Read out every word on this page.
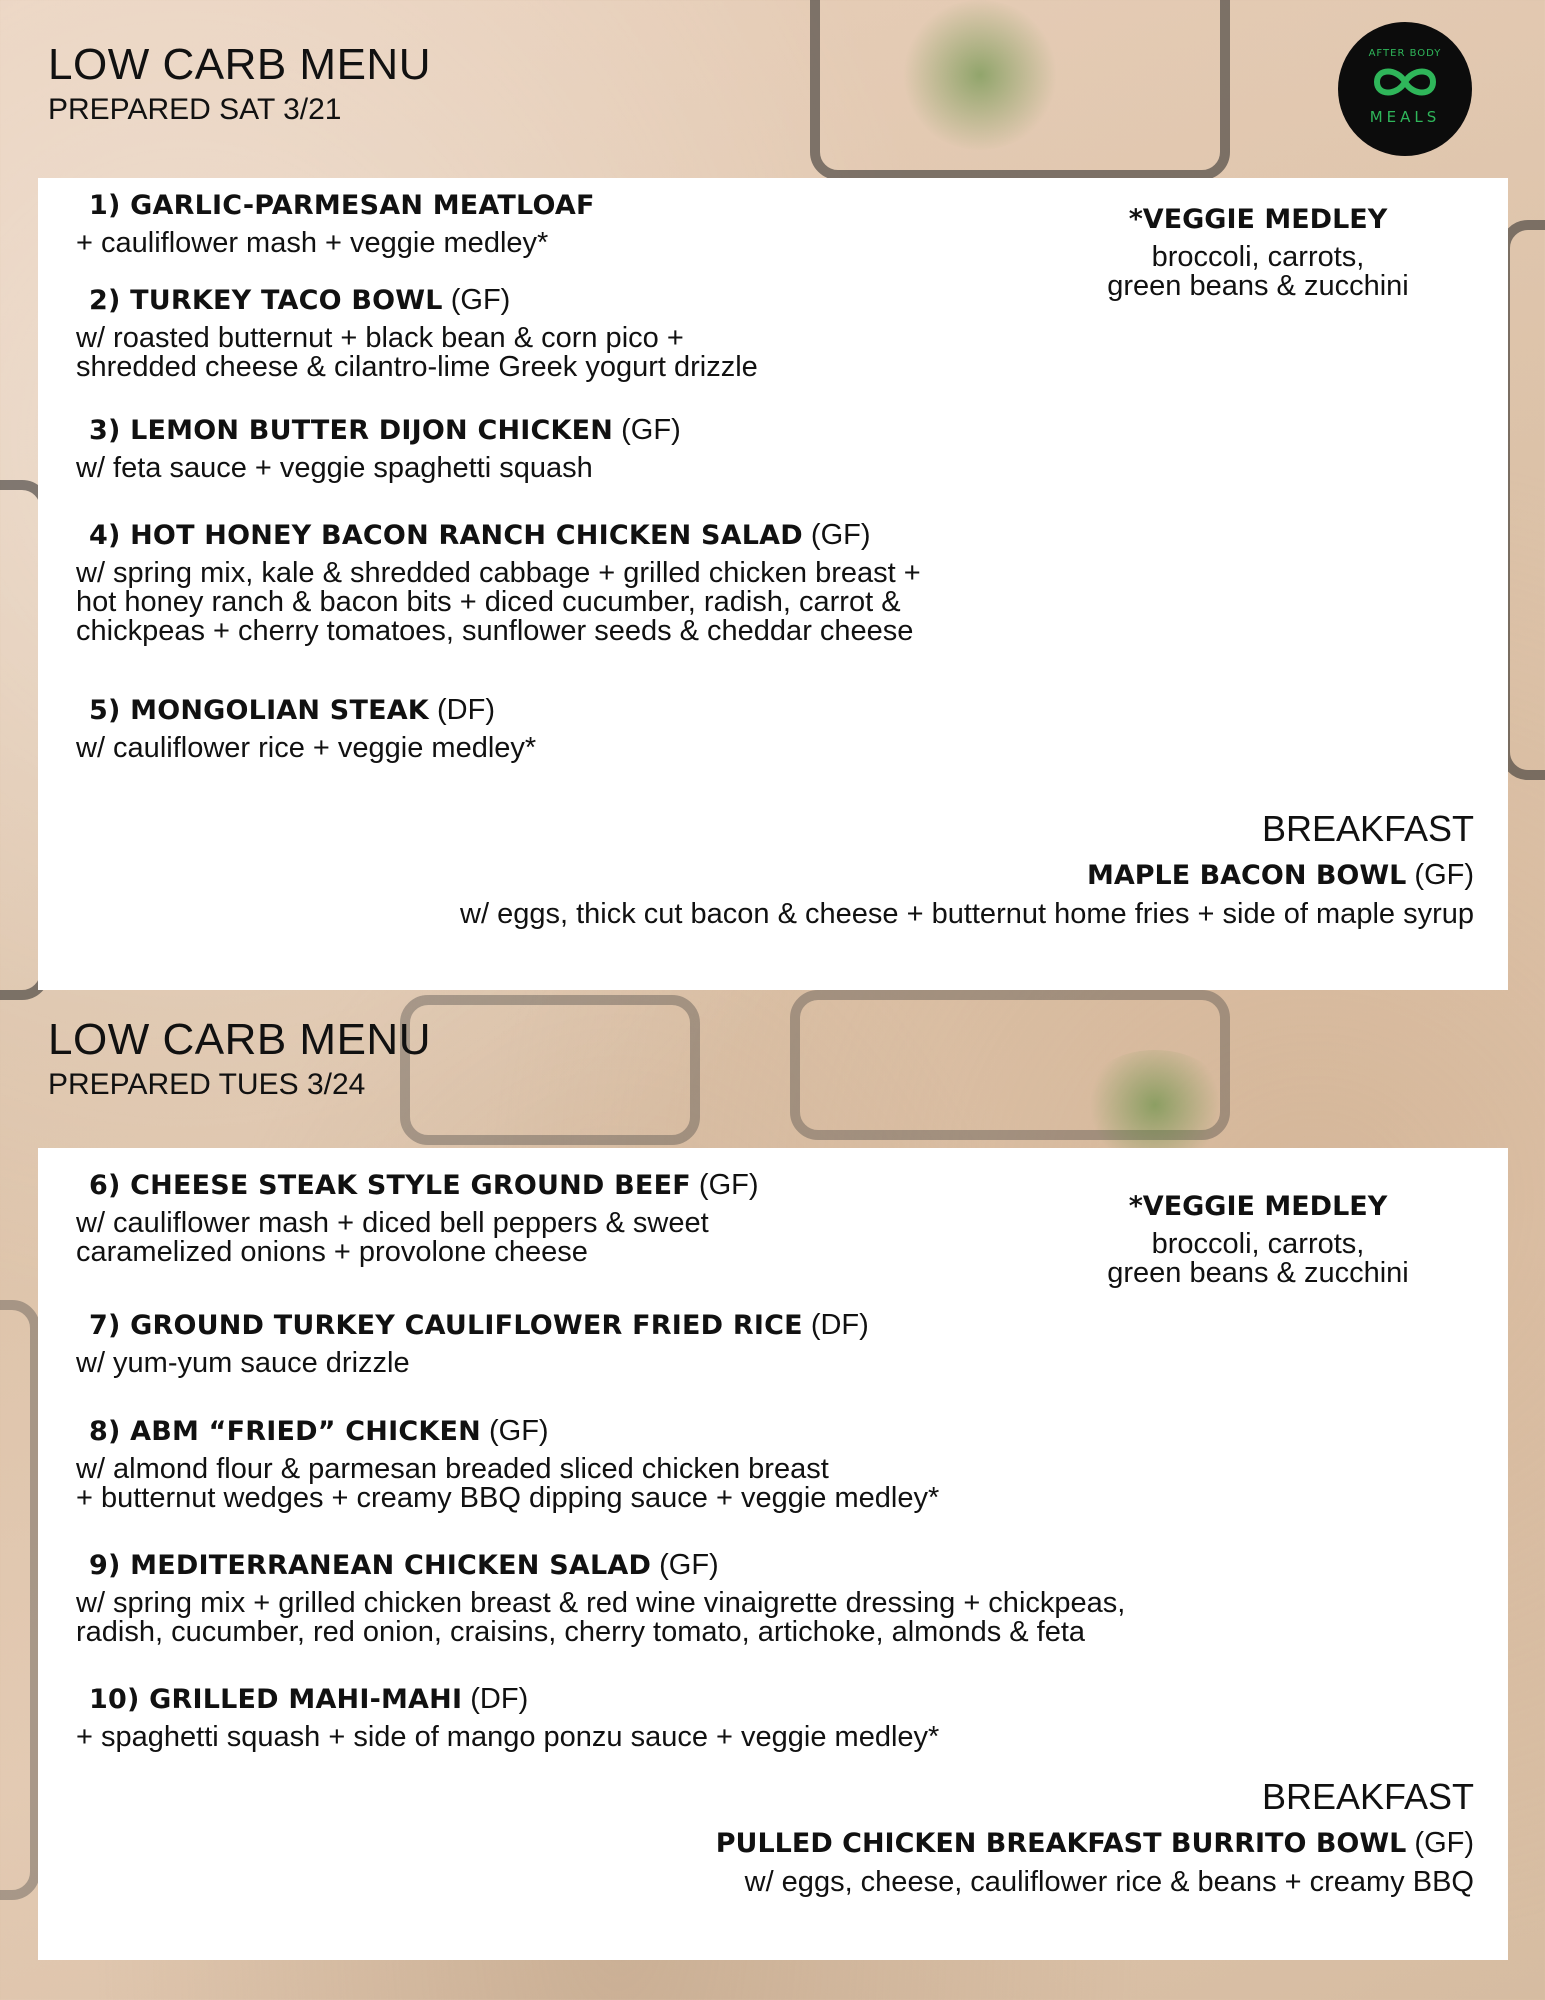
LOW CARB MENU
PREPARED SAT 3/21
AFTER BODY
MEALS
1) GARLIC-PARMESAN MEATLOAF
+ cauliflower mash + veggie medley*
2) TURKEY TACO BOWL (GF)
w/ roasted butternut + black bean & corn pico +
shredded cheese & cilantro-lime Greek yogurt drizzle
3) LEMON BUTTER DIJON CHICKEN (GF)
w/ feta sauce + veggie spaghetti squash
4) HOT HONEY BACON RANCH CHICKEN SALAD (GF)
w/ spring mix, kale & shredded cabbage + grilled chicken breast +
hot honey ranch & bacon bits + diced cucumber, radish, carrot &
chickpeas + cherry tomatoes, sunflower seeds & cheddar cheese
5) MONGOLIAN STEAK (DF)
w/ cauliflower rice + veggie medley*
*VEGGIE MEDLEY
broccoli, carrots,
green beans & zucchini
BREAKFAST
MAPLE BACON BOWL (GF)
w/ eggs, thick cut bacon & cheese + butternut home fries + side of maple syrup
LOW CARB MENU
PREPARED TUES 3/24
6) CHEESE STEAK STYLE GROUND BEEF (GF)
w/ cauliflower mash + diced bell peppers & sweet
caramelized onions + provolone cheese
7) GROUND TURKEY CAULIFLOWER FRIED RICE (DF)
w/ yum-yum sauce drizzle
8) ABM “FRIED” CHICKEN (GF)
w/ almond flour & parmesan breaded sliced chicken breast
+ butternut wedges + creamy BBQ dipping sauce + veggie medley*
9) MEDITERRANEAN CHICKEN SALAD (GF)
w/ spring mix + grilled chicken breast & red wine vinaigrette dressing + chickpeas,
radish, cucumber, red onion, craisins, cherry tomato, artichoke, almonds & feta
10) GRILLED MAHI-MAHI (DF)
+ spaghetti squash + side of mango ponzu sauce + veggie medley*
*VEGGIE MEDLEY
broccoli, carrots,
green beans & zucchini
BREAKFAST
PULLED CHICKEN BREAKFAST BURRITO BOWL (GF)
w/ eggs, cheese, cauliflower rice & beans + creamy BBQ
